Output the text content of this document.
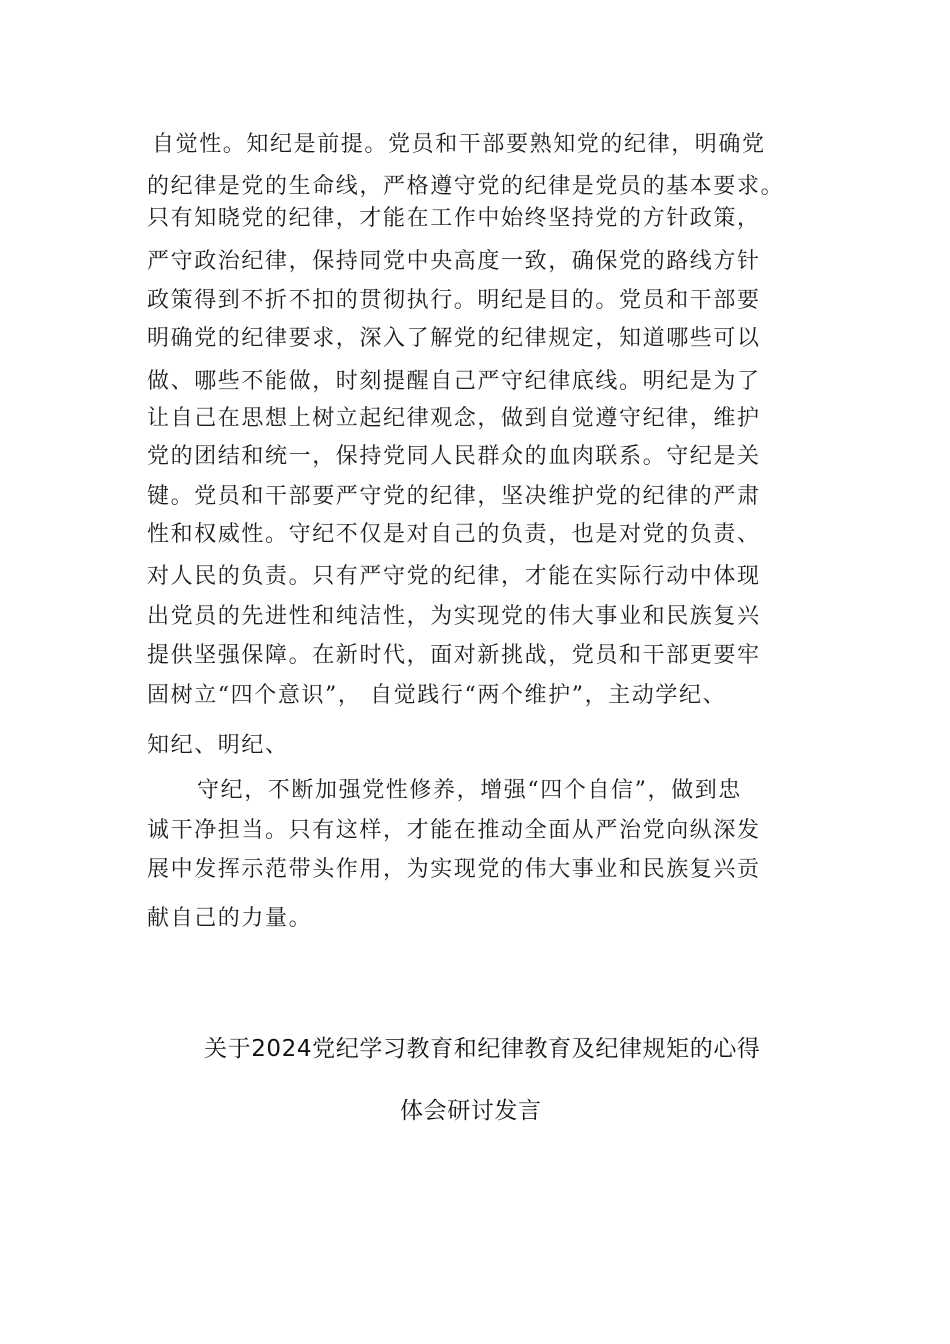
自觉性。知纪是前提。党员和干部要熟知党的纪律，明确党
的纪律是党的生命线，严格遵守党的纪律是党员的基本要求。
只有知晓党的纪律，才能在工作中始终坚持党的方针政策，
严守政治纪律，保持同党中央高度一致，确保党的路线方针
政策得到不折不扣的贯彻执行。明纪是目的。党员和干部要
明确党的纪律要求，深入了解党的纪律规定，知道哪些可以
做、哪些不能做，时刻提醒自己严守纪律底线。明纪是为了
让自己在思想上树立起纪律观念，做到自觉遵守纪律，维护
党的团结和统一，保持党同人民群众的血肉联系。守纪是关
键。党员和干部要严守党的纪律，坚决维护党的纪律的严肃
性和权威性。守纪不仅是对自己的负责，也是对党的负责、
对人民的负责。只有严守党的纪律，才能在实际行动中体现
出党员的先进性和纯洁性，为实现党的伟大事业和民族复兴
提供坚强保障。在新时代，面对新挑战，党员和干部更要牢
固树立“四个意识”， 自觉践行“两个维护”，主动学纪、
知纪、明纪、
守纪，不断加强党性修养，增强“四个自信”，做到忠
诚干净担当。只有这样，才能在推动全面从严治党向纵深发
展中发挥示范带头作用，为实现党的伟大事业和民族复兴贡
献自己的力量。
关于2024党纪学习教育和纪律教育及纪律规矩的心得
体会研讨发言
